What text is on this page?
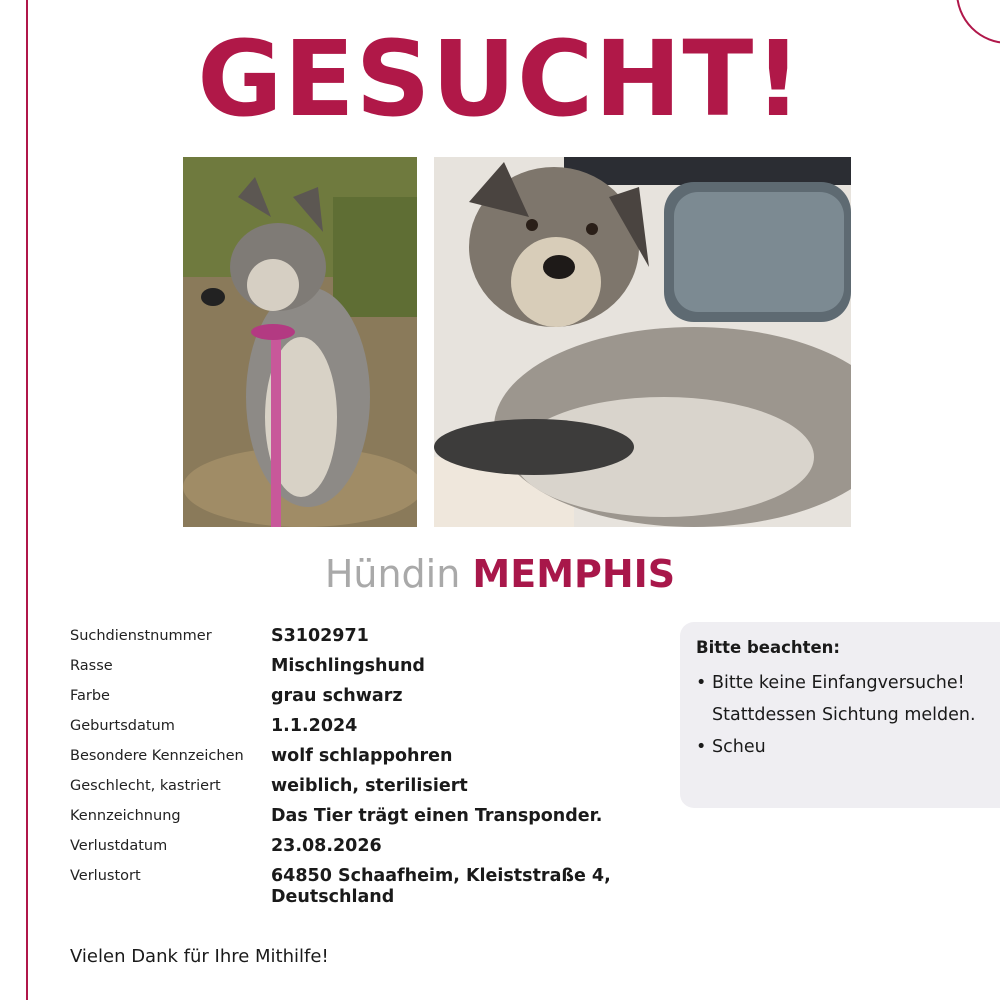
GESUCHT!
Hündin MEMPHIS
Suchdienstnummer	S3102971
Rasse	Mischlingshund
Farbe	grau schwarz
Geburtsdatum	1.1.2024
Besondere Kennzeichen	wolf schlappohren
Geschlecht, kastriert	weiblich, sterilisiert
Kennzeichnung	Das Tier trägt einen Transponder.
Verlustdatum	23.08.2026
Verlustort	64850 Schaafheim, Kleiststraße 4,
Deutschland
Bitte beachten:
• Bitte keine Einfangversuche! Stattdessen Sichtung melden.
• Scheu
Vielen Dank für Ihre Mithilfe!
